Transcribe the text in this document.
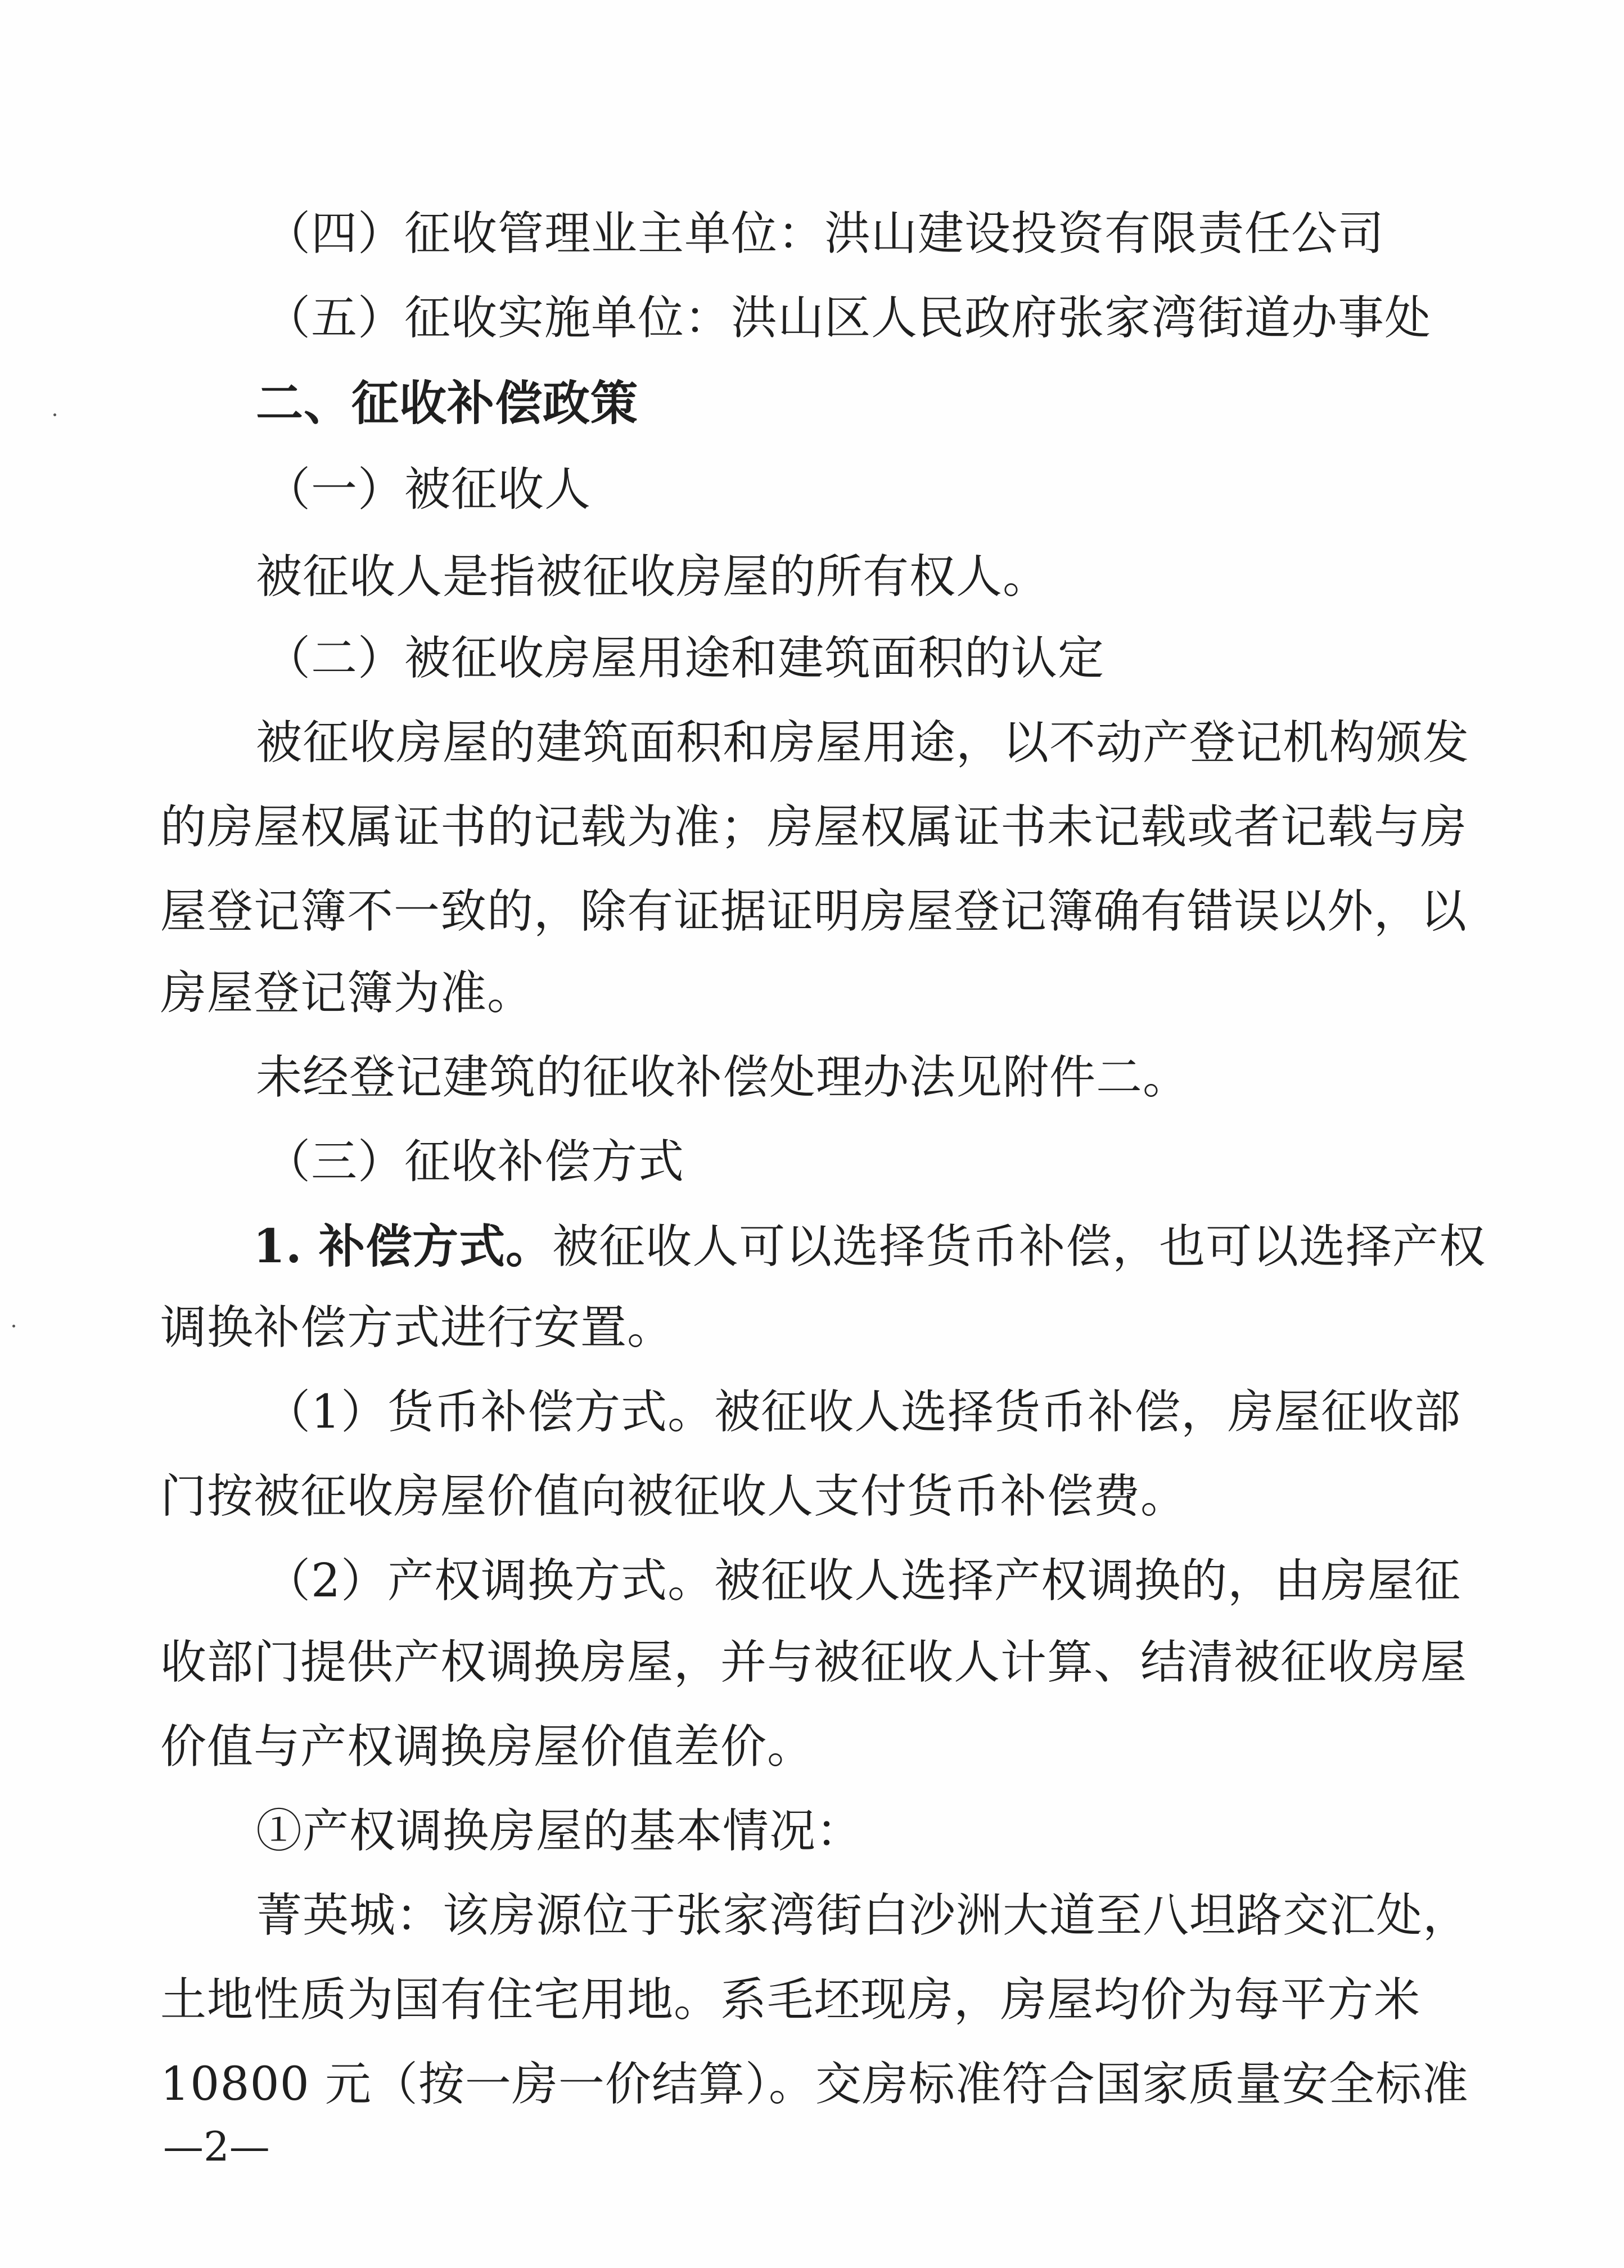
（四）征收管理业主单位：洪山建设投资有限责任公司
（五）征收实施单位：洪山区人民政府张家湾街道办事处
二、征收补偿政策
（一）被征收人
被征收人是指被征收房屋的所有权人。
（二）被征收房屋用途和建筑面积的认定
被征收房屋的建筑面积和房屋用途，以不动产登记机构颁发
的房屋权属证书的记载为准；房屋权属证书未记载或者记载与房
屋登记簿不一致的，除有证据证明房屋登记簿确有错误以外，以
房屋登记簿为准。
未经登记建筑的征收补偿处理办法见附件二。
（三）征收补偿方式
1. 补偿方式。被征收人可以选择货币补偿，也可以选择产权
调换补偿方式进行安置。
（1）货币补偿方式。被征收人选择货币补偿，房屋征收部
门按被征收房屋价值向被征收人支付货币补偿费。
（2）产权调换方式。被征收人选择产权调换的，由房屋征
收部门提供产权调换房屋，并与被征收人计算、结清被征收房屋
价值与产权调换房屋价值差价。
①产权调换房屋的基本情况：
菁英城：该房源位于张家湾街白沙洲大道至八坦路交汇处，
土地性质为国有住宅用地。系毛坯现房，房屋均价为每平方米
10800 元（按一房一价结算）。交房标准符合国家质量安全标准
—2—
